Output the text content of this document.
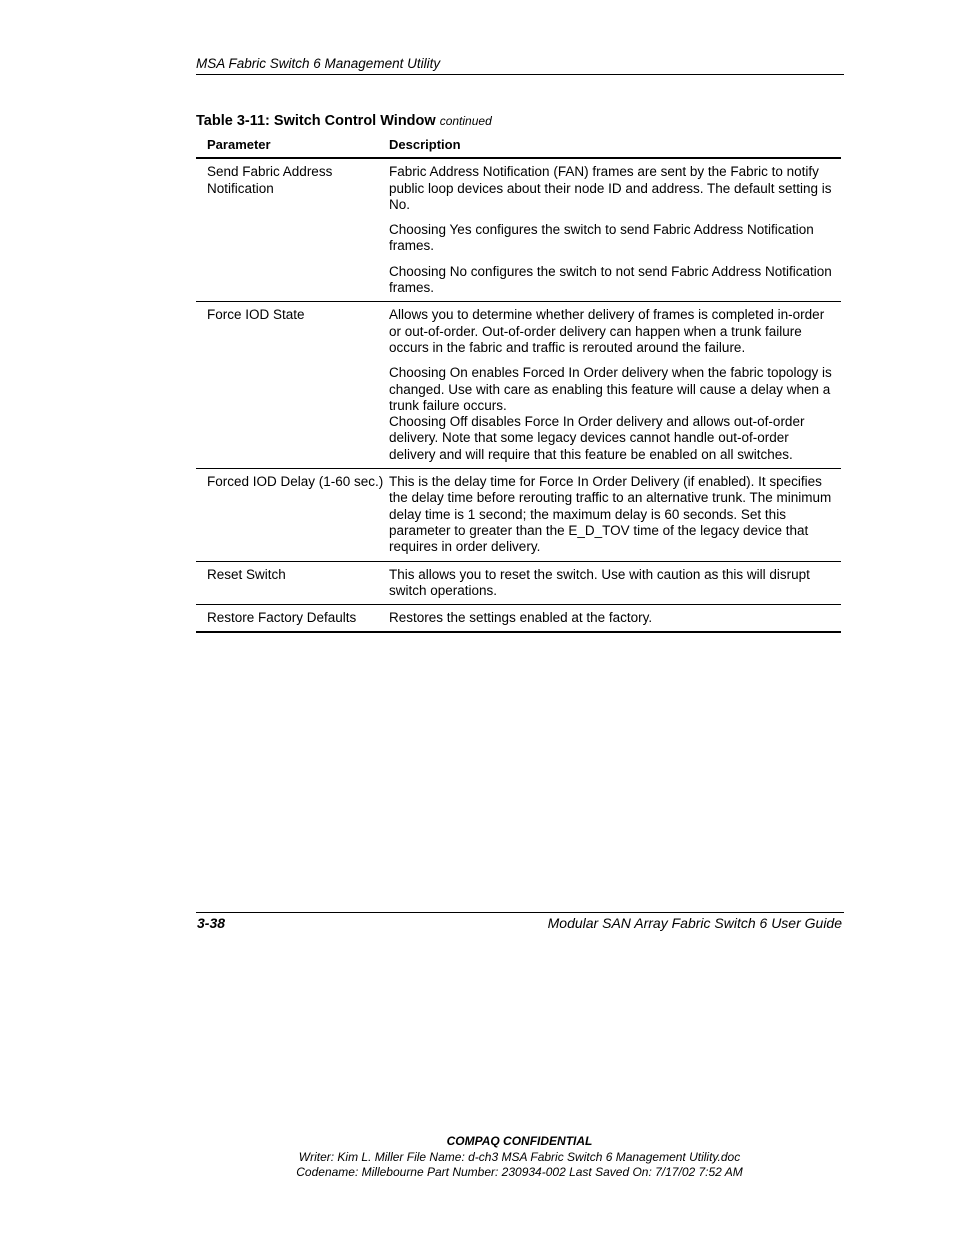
MSA Fabric Switch 6 Management Utility
Table 3-11: Switch Control Window continued
Parameter	Description
Send Fabric Address Notification	Fabric Address Notification (FAN) frames are sent by the Fabric to notify public loop devices about their node ID and address. The default setting is No.

Choosing Yes configures the switch to send Fabric Address Notification frames.

Choosing No configures the switch to not send Fabric Address Notification frames.

Force IOD State	Allows you to determine whether delivery of frames is completed in-order or out-of-order. Out-of-order delivery can happen when a trunk failure occurs in the fabric and traffic is rerouted around the failure.

Choosing On enables Forced In Order delivery when the fabric topology is changed. Use with care as enabling this feature will cause a delay when a trunk failure occurs.

Choosing Off disables Force In Order delivery and allows out-of-order delivery. Note that some legacy devices cannot handle out-of-order delivery and will require that this feature be enabled on all switches.

Forced IOD Delay (1-60 sec.)	This is the delay time for Force In Order Delivery (if enabled). It specifies the delay time before rerouting traffic to an alternative trunk. The minimum delay time is 1 second; the maximum delay is 60 seconds. Set this parameter to greater than the E_D_TOV time of the legacy device that requires in order delivery.

Reset Switch	This allows you to reset the switch. Use with caution as this will disrupt switch operations.

Restore Factory Defaults	Restores the settings enabled at the factory.

3-38	Modular SAN Array Fabric Switch 6 User Guide
COMPAQ CONFIDENTIAL
Writer: Kim L. Miller File Name: d-ch3 MSA Fabric Switch 6 Management Utility.doc
Codename: Millebourne Part Number: 230934-002 Last Saved On: 7/17/02 7:52 AM
